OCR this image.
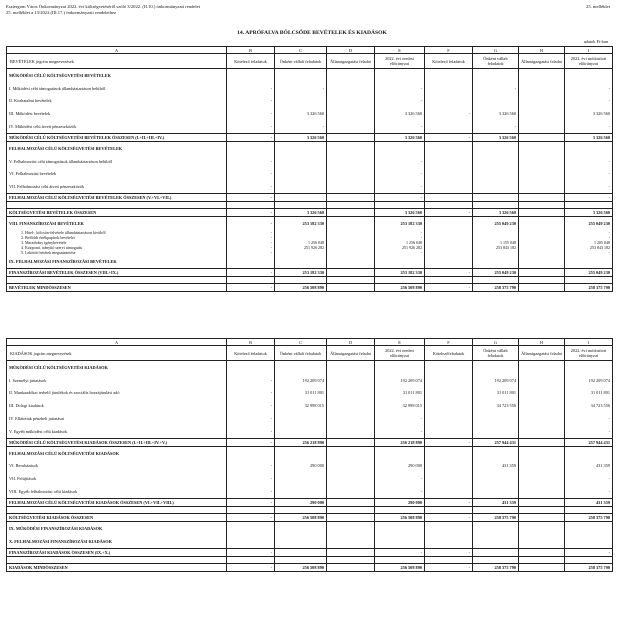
Esztergom Város Önkormányzat 2022. évi költségvetéséről szóló 3/2022. (II.10.) önkormányzati rendelet
25. melléklet a 13/2022.(III.17.) önkormányzati rendelethez
25. melléklet
14. APRÓFALVA BÖLCSŐDE BEVÉTELEK ÉS KIADÁSOK
adatok Ft-ban
A	B	C	D	E	F	G	H	I
BEVÉTELEK jogcím megnevezések	Kötelező feladatok	Önként vállalt feladatok	Államigazgatási feladat	2022. évi eredeti előirányzat	Kötelező feladatok	Önként vállalt feladatok	Államigazgatási feladat	2022. évi módosított előirányzat
MŰKÖDÉSI CÉLÚ KÖLTSÉGVETÉSI BEVÉTELEK								
I. Működési célú támogatások államháztartáson belülről	-	-		-		-		-
II. Közhatalmi bevételek	-			-				-
III. Működési bevételek	-	3 326 560		3 326 560	-	3 326 560		3 326 560
IV. Működési célú átvett pénzeszközök	-	-		-		-		-
MŰKÖDÉSI CÉLÚ KÖLTSÉGVETÉSI BEVÉTELEK ÖSSZESEN (I.+II.+III.+IV.)	-	3 326 560		3 326 560	-	3 326 560		3 326 560
FELHALMOZÁSI CÉLÚ KÖLTSÉGVETÉSI BEVÉTELEK								
V. Felhalmozási célú támogatások államháztartáson belülről	-			-				-
VI. Felhalmozási bevételek	-			-				-
VII. Felhalmozási célú átvett pénzeszközök	-			-				-
FELHALMOZÁSI CÉLÚ KÖLTSÉGVETÉSI BEVÉTELEK ÖSSZESEN (V.+VI.+VII.)	-			-				-

KÖLTSÉGVETÉSI BEVÉTELEK ÖSSZESEN	-	3 326 560		3 326 560	-	3 326 560		3 326 560
VIII. FINANSZÍROZÁSI BEVÉTELEK	-	253 182 330		253 182 330		255 049 230		255 049 230
1. Hitel-, kölcsön-felvétele államháztartáson kívülről	-			-				-
2. Belföldi értékpapírok bevételei	-			-				-
3. Maradvány igénybevétele	-	1 256 048		1 256 048		1 155 048		1 205 048
4. Központi, irányító szervi támogatás	-	251 926 282		251 926 282		253 843 182		253 843 182
5. Lekötött betétek megszüntetése	-			-				-
IX. FELHALMOZÁSI FINANSZÍROZÁSI BEVÉTELEK								
FINANSZÍROZÁSI BEVÉTELEK ÖSSZESEN (VIII.+IX.)	-	253 182 330		253 182 330	-	255 049 230		255 049 230

BEVÉTELEK MINDÖSSZESEN	-	256 508 890		256 508 890	-	258 375 790		258 375 790
A	B	C	D	E	F	G	H	I
KIADÁSOK jogcím megnevezések	Kötelező feladatok	Önként vállalt feladatok	Államigazgatási feladat	2022. évi eredeti előirányzat	Kötelezőfeladatok	Önként vállalt feladatok	Államigazgatási feladat	2022. évi módosított előirányzat
MŰKÖDÉSI CÉLÚ KÖLTSÉGVETÉSI KIADÁSOK								
I. Személyi juttatások	-	192 209 074		192 209 074		192 209 074		192 209 074
II. Munkaadókat terhelő járulékok és szociális hozzájárulási adó	-	31 011 801		31 011 801		31 011 801		31 011 801
III. Dologi kiadások	-	32 998 015		32 998 015		34 723 556		34 723 556
IV. Ellátottak pénzbeli juttatásai	-			-				-
V. Egyéb működési célú kiadások	-			-				-
MŰKÖDÉSI CÉLÚ KÖLTSÉGVETÉSI KIADÁSOK ÖSSZESEN (I.+II.+III.+IV.+V.)	-	256 218 890		256 218 890	-	257 944 431		257 944 431
FELHALMOZÁSI CÉLÚ KÖLTSÉGVETÉSI KIADÁSOK								
VI. Beruházások	-	290 000		290 000		431 359		431 359
VII. Felújítások	-			-				-
VIII. Egyéb felhalmozási célú kiadások	-			-				-
FELHALMOZÁSI CÉLÚ KÖLTSÉGVETÉSI KIADÁSOK ÖSSZESEN (VI.+VII.+VIII.)	-	290 000		290 000	-	431 359		431 359

KÖLTSÉGVETÉSI KIADÁSOK ÖSSZESEN	-	256 508 890		256 508 890	-	258 375 790		258 375 790
IX. MŰKÖDÉSI FINANSZÍROZÁSI KIADÁSOK								
X. FELHALMOZÁSI FINANSZÍROZÁSI KIADÁSOK								
FINANSZÍROZÁSI KIADÁSOK ÖSSZESEN (IX.+X.)	-			-	-			-

KIADÁSOK MINDÖSSZESEN	-	256 508 890		256 508 890	-	258 375 790		258 375 790
